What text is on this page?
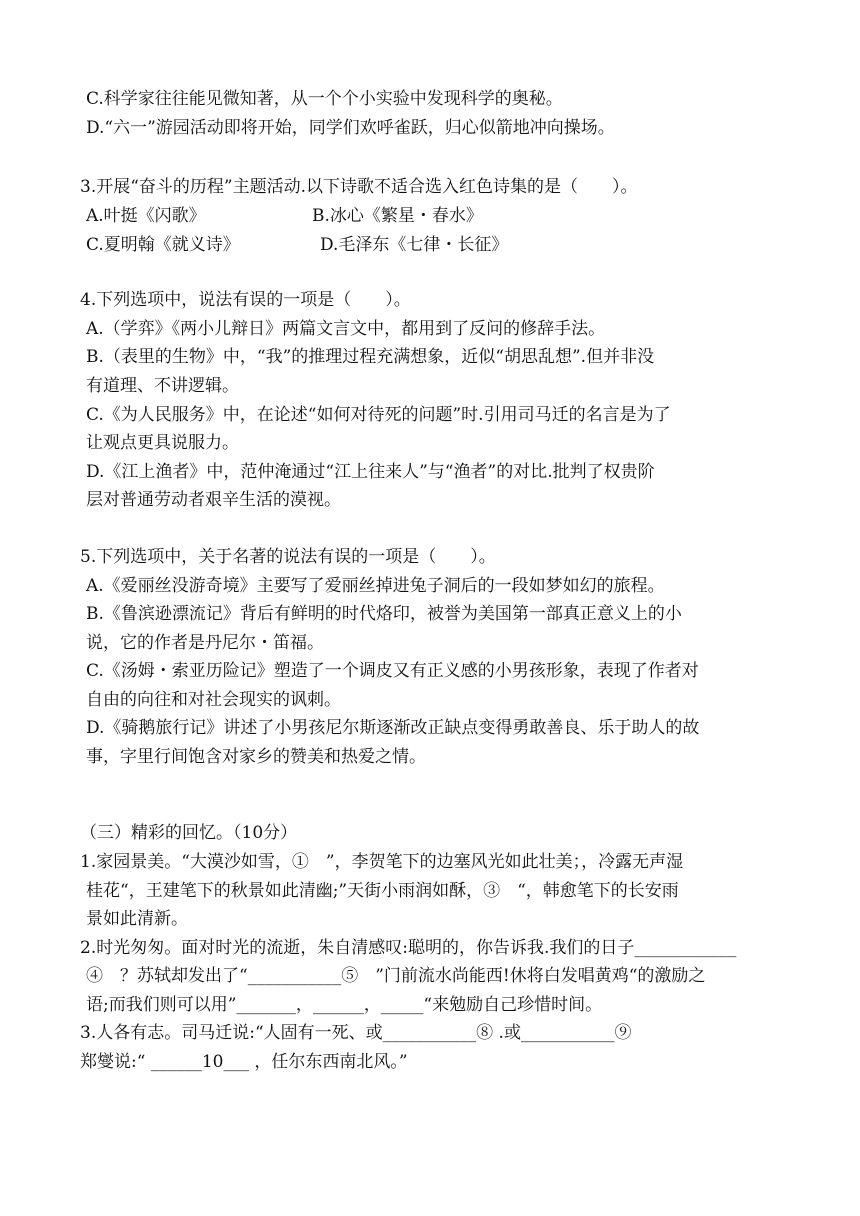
C.科学家往往能见微知著，从一个个小实验中发现科学的奥秘。
D.“六一”游园活动即将开始，同学们欢呼雀跃，归心似箭地冲向操场。
3.开展“奋斗的历程”主题活动.以下诗歌不适合选入红色诗集的是（　　）。
A.叶挺《闪歌》	B.冰心《繁星・春水》
C.夏明翰《就义诗》	D.毛泽东《七律・长征》
4.下列选项中，说法有误的一项是（　　）。
A.（学弈》《两小儿辩日》两篇文言文中，都用到了反问的修辞手法。
B.（表里的生物》中，“我”的推理过程充满想象，近似“胡思乱想”.但并非没
有道理、不讲逻辑。
C.《为人民服务》中，在论述“如何对待死的问题”时.引用司马迁的名言是为了
让观点更具说服力。
D.《江上渔者》中，范仲淹通过“江上往来人”与“渔者”的对比.批判了权贵阶
层对普通劳动者艰辛生活的漠视。
5.下列选项中，关于名著的说法有误的一项是（　　）。
A.《爱丽丝没游奇境》主要写了爱丽丝掉进兔子洞后的一段如梦如幻的旅程。
B.《鲁滨逊漂流记》背后有鲜明的时代烙印，被誉为美国第一部真正意义上的小
说，它的作者是丹尼尔・笛福。
C.《汤姆・索亚历险记》塑造了一个调皮又有正义感的小男孩形象，表现了作者对
自由的向往和对社会现实的讽刺。
D.《骑鹅旅行记》讲述了小男孩尼尔斯逐渐改正缺点变得勇敢善良、乐于助人的故
事，字里行间饱含对家乡的赞美和热爱之情。
（三）精彩的回忆。（10分）
1.家园景美。“大漠沙如雪，①　”，李贺笔下的边塞风光如此壮美；，冷露无声湿
桂花“，王建笔下的秋景如此清幽;”天街小雨润如酥，③　“，韩愈笔下的长安雨
景如此清新。
2.时光匆匆。面对时光的流逝，朱自清感叹:聪明的，你告诉我.我们的日子____________
④　？苏轼却发出了“___________⑤　”门前流水尚能西!休将白发唱黄鸡“的激励之
语;而我们则可以用”_______，______，_____“来勉励自己珍惜时间。
3.人各有志。司马迁说:“人固有一死、或___________⑧ .或___________⑨
郑燮说:“ ______10___ ，任尔东西南北风。”
